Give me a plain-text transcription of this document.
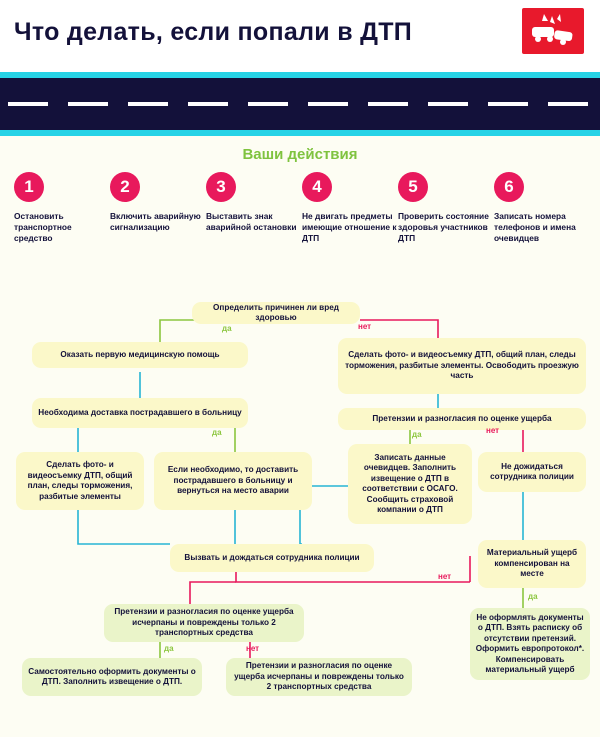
Что делать, если попали в ДТП
Ваши действия
1
Остановить транспортное средство
2
Включить аварийную сигнализацию
3
Выставить знак аварийной остановки
4
Не двигать предметы имеющие отношение к ДТП
5
Проверить состояние здоровья участников ДТП
6
Записать номера телефонов и имена очевидцев
Определить причинен ли вред здоровью
Оказать первую медицинскую помощь	Сделать фото- и видеосъемку ДТП, общий план, следы торможения, разбитые элементы. Освободить проезжую часть
Необходима доставка пострадавшего в больницу
Претензии и разногласия по оценке ущерба
Сделать фото- и видеосъемку ДТП, общий план, следы торможения, разбитые элементы
Если необходимо, то доставить пострадавшего в больницу и вернуться на место аварии
Записать данные очевидцев. Заполнить извещение о ДТП в соответствии с ОСАГО. Сообщить страховой компании о ДТП
Не дожидаться сотрудника полиции
Вызвать и дождаться сотрудника полиции	Материальный ущерб компенсирован на месте
Претензии и разногласия по оценке ущерба исчерпаны и повреждены только 2 транспортных средства
Не оформлять документы о ДТП. Взять расписку об отсутствии претензий. Оформить европротокол*. Компенсировать материальный ущерб
Самостоятельно оформить документы о ДТП. Заполнить извещение о ДТП.
Претензии и разногласия по оценке ущерба исчерпаны и повреждены только 2 транспортных средства
да	нет
да	да	нет
нет
да
да	нет
